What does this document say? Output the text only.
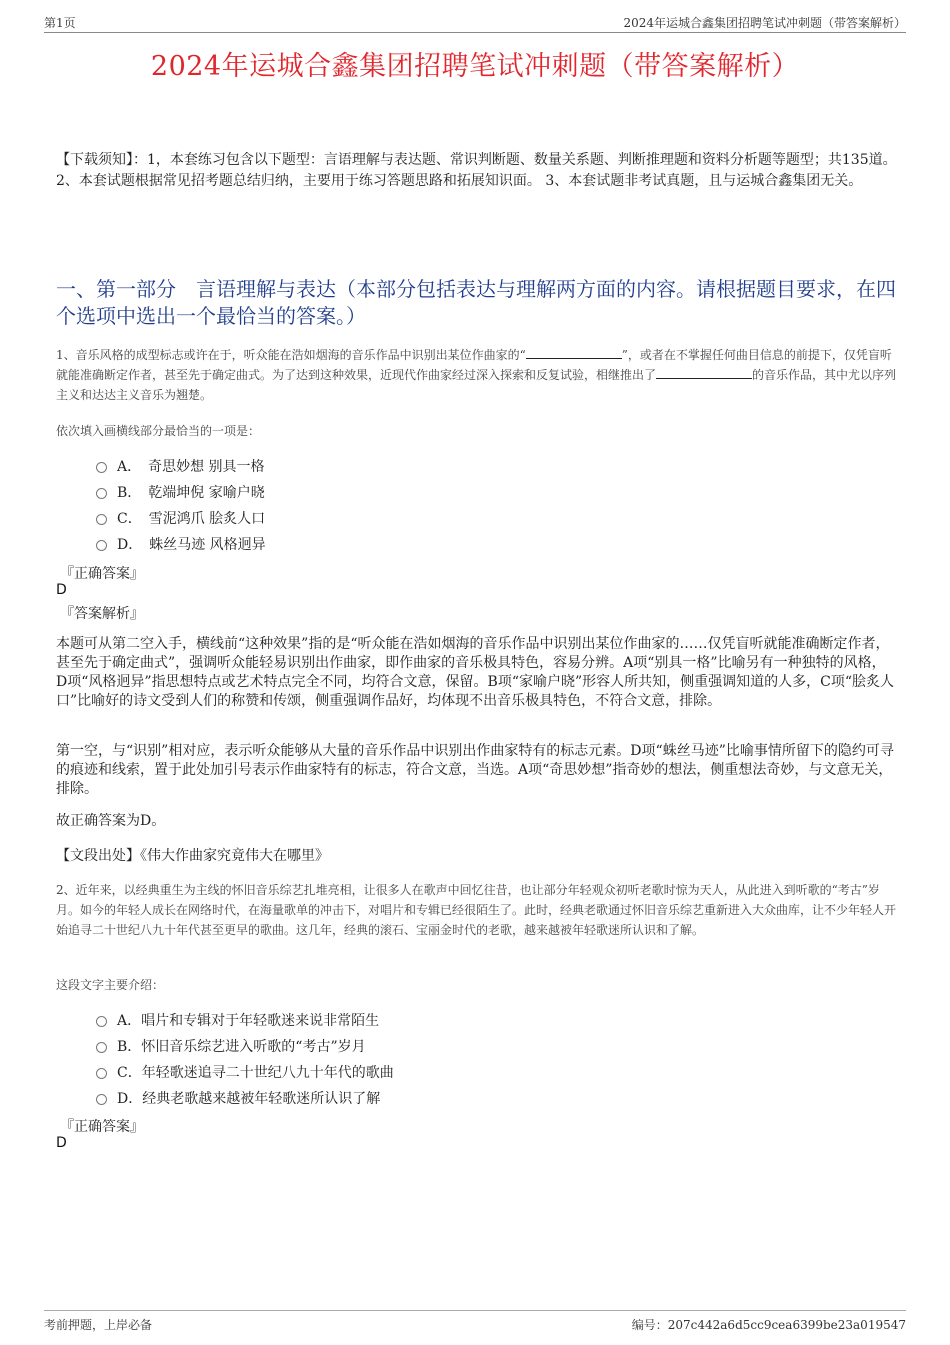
第1页	2024年运城合鑫集团招聘笔试冲刺题（带答案解析）
2024年运城合鑫集团招聘笔试冲刺题（带答案解析）
【下载须知】：1，本套练习包含以下题型：言语理解与表达题、常识判断题、数量关系题、判断推理题和资料分析题等题型；共135道。 2、本套试题根据常见招考题总结归纳，主要用于练习答题思路和拓展知识面。 3、本套试题非考试真题，且与运城合鑫集团无关。
一、第一部分　言语理解与表达（本部分包括表达与理解两方面的内容。请根据题目要求，在四个选项中选出一个最恰当的答案。）
1、音乐风格的成型标志或许在于，听众能在浩如烟海的音乐作品中识别出某位作曲家的“	”，或者在不掌握任何曲目信息的前提下，仅凭盲听就能准确断定作者，甚至先于确定曲式。为了达到这种效果，近现代作曲家经过深入探索和反复试验，相继推出了	的音乐作品，其中尤以序列主义和达达主义音乐为翘楚。
依次填入画横线部分最恰当的一项是：
A．　奇思妙想 别具一格
B．　乾端坤倪 家喻户晓
C．　雪泥鸿爪 脍炙人口
D．　蛛丝马迹 风格迥异
『正确答案』
D
『答案解析』
本题可从第二空入手，横线前“这种效果”指的是“听众能在浩如烟海的音乐作品中识别出某位作曲家的……仅凭盲听就能准确断定作者，甚至先于确定曲式”，强调听众能轻易识别出作曲家，即作曲家的音乐极具特色，容易分辨。A项“别具一格”比喻另有一种独特的风格，D项“风格迥异”指思想特点或艺术特点完全不同，均符合文意，保留。B项“家喻户晓”形容人所共知，侧重强调知道的人多，C项“脍炙人口”比喻好的诗文受到人们的称赞和传颂，侧重强调作品好，均体现不出音乐极具特色，不符合文意，排除。
第一空，与“识别”相对应，表示听众能够从大量的音乐作品中识别出作曲家特有的标志元素。D项“蛛丝马迹”比喻事情所留下的隐约可寻的痕迹和线索，置于此处加引号表示作曲家特有的标志，符合文意，当选。A项“奇思妙想”指奇妙的想法，侧重想法奇妙，与文意无关，排除。
故正确答案为D。
【文段出处】《伟大作曲家究竟伟大在哪里》
2、近年来，以经典重生为主线的怀旧音乐综艺扎堆亮相，让很多人在歌声中回忆往昔，也让部分年轻观众初听老歌时惊为天人，从此进入到听歌的“考古”岁月。如今的年轻人成长在网络时代，在海量歌单的冲击下，对唱片和专辑已经很陌生了。此时，经典老歌通过怀旧音乐综艺重新进入大众曲库，让不少年轻人开始追寻二十世纪八九十年代甚至更早的歌曲。这几年，经典的滚石、宝丽金时代的老歌，越来越被年轻歌迷所认识和了解。
这段文字主要介绍：
A．唱片和专辑对于年轻歌迷来说非常陌生
B．怀旧音乐综艺进入听歌的“考古”岁月
C．年轻歌迷追寻二十世纪八九十年代的歌曲
D．经典老歌越来越被年轻歌迷所认识了解
『正确答案』
D
考前押题，上岸必备	编号：207c442a6d5cc9cea6399be23a019547
